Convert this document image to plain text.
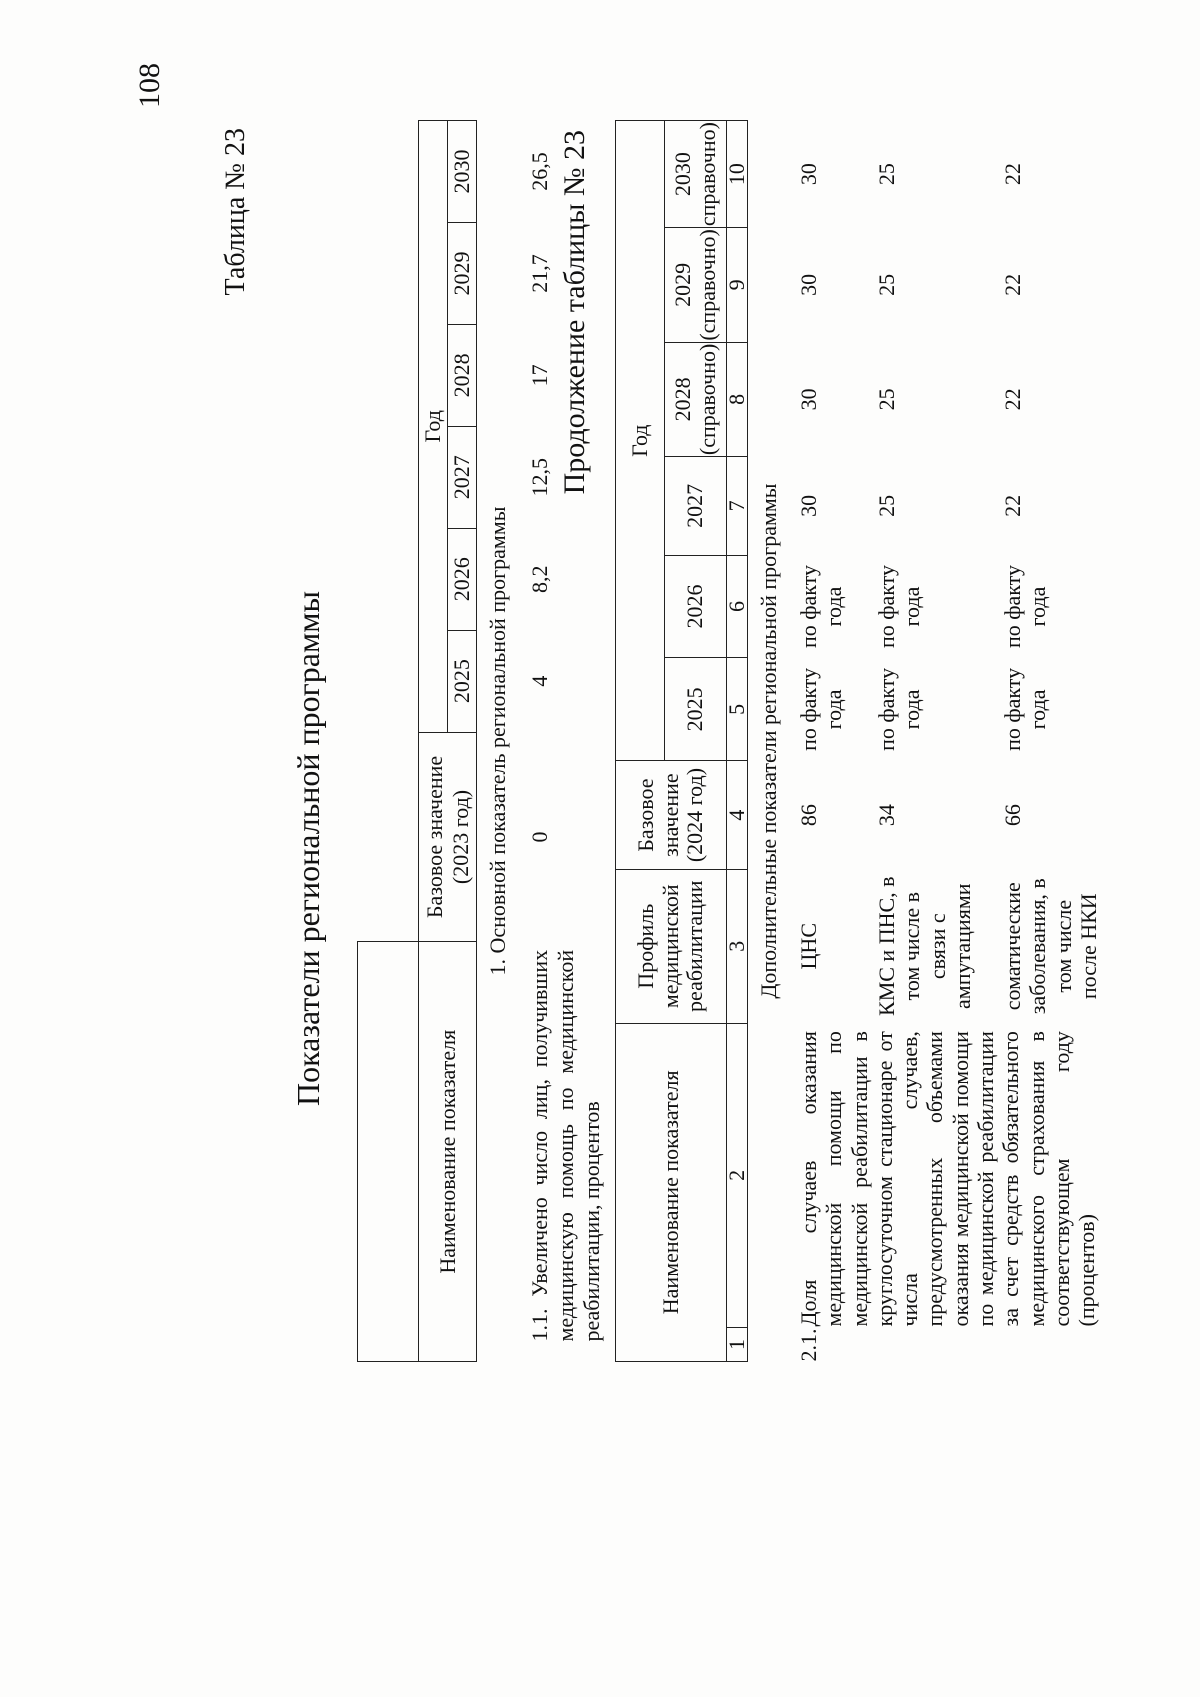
108
Таблица № 23
Показатели региональной программы

Наименование показателя	Базовое значение (2023 год)	Год					
		2025	2026	2027	2028	2029	2030
1. Основной показатель региональной программы							
1.1. Увеличено число лиц, получивших медицинскую помощь по медицинской реабилитации, процентов	0	4	8,2	12,5	17	21,7	26,5 Продолжение таблицы № 23
Наименование показателя		Профиль медицинской реабилитации	Базовое значение (2024 год)	Год					
				2025	2026	2027	2028 (справочно)	2029 (справочно)	2030 справочно)
1	2	3	4	5	6	7	8	9	10
Дополнительные показатели региональной программы									
2.1.	Доля случаев оказания медицинской помощи по медицинской реабилитации в круглосуточном стационаре от числа случаев, предусмотренных объемами оказания медицинской помощи по медицинской реабилитации за счет средств обязательного медицинского страхования в соответствующем году (процентов)	ЦНС	86	по факту года	по факту года	30	30	30	30
		КМС и ПНС, в том числе в связи с ампутациями	34	по факту года	по факту года	25	25	25	25
		соматические заболевания, в том числе после НКИ	66	по факту года	по факту года	22	22	22	22
